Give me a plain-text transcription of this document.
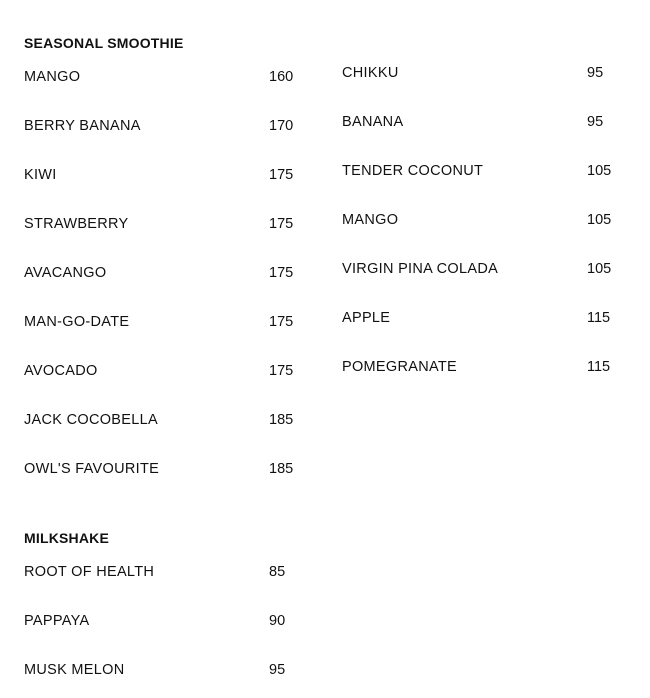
SEASONAL SMOOTHIE
MANGO	160
BERRY BANANA	170
KIWI	175
STRAWBERRY	175
AVACANGO	175
MAN-GO-DATE	175
AVOCADO	175
JACK COCOBELLA	185
OWL'S FAVOURITE	185
CHIKKU	95
BANANA	95
TENDER COCONUT	105
MANGO	105
VIRGIN PINA COLADA	105
APPLE	115
POMEGRANATE	115
MILKSHAKE
ROOT OF HEALTH	85
PAPPAYA	90
MUSK MELON	95
